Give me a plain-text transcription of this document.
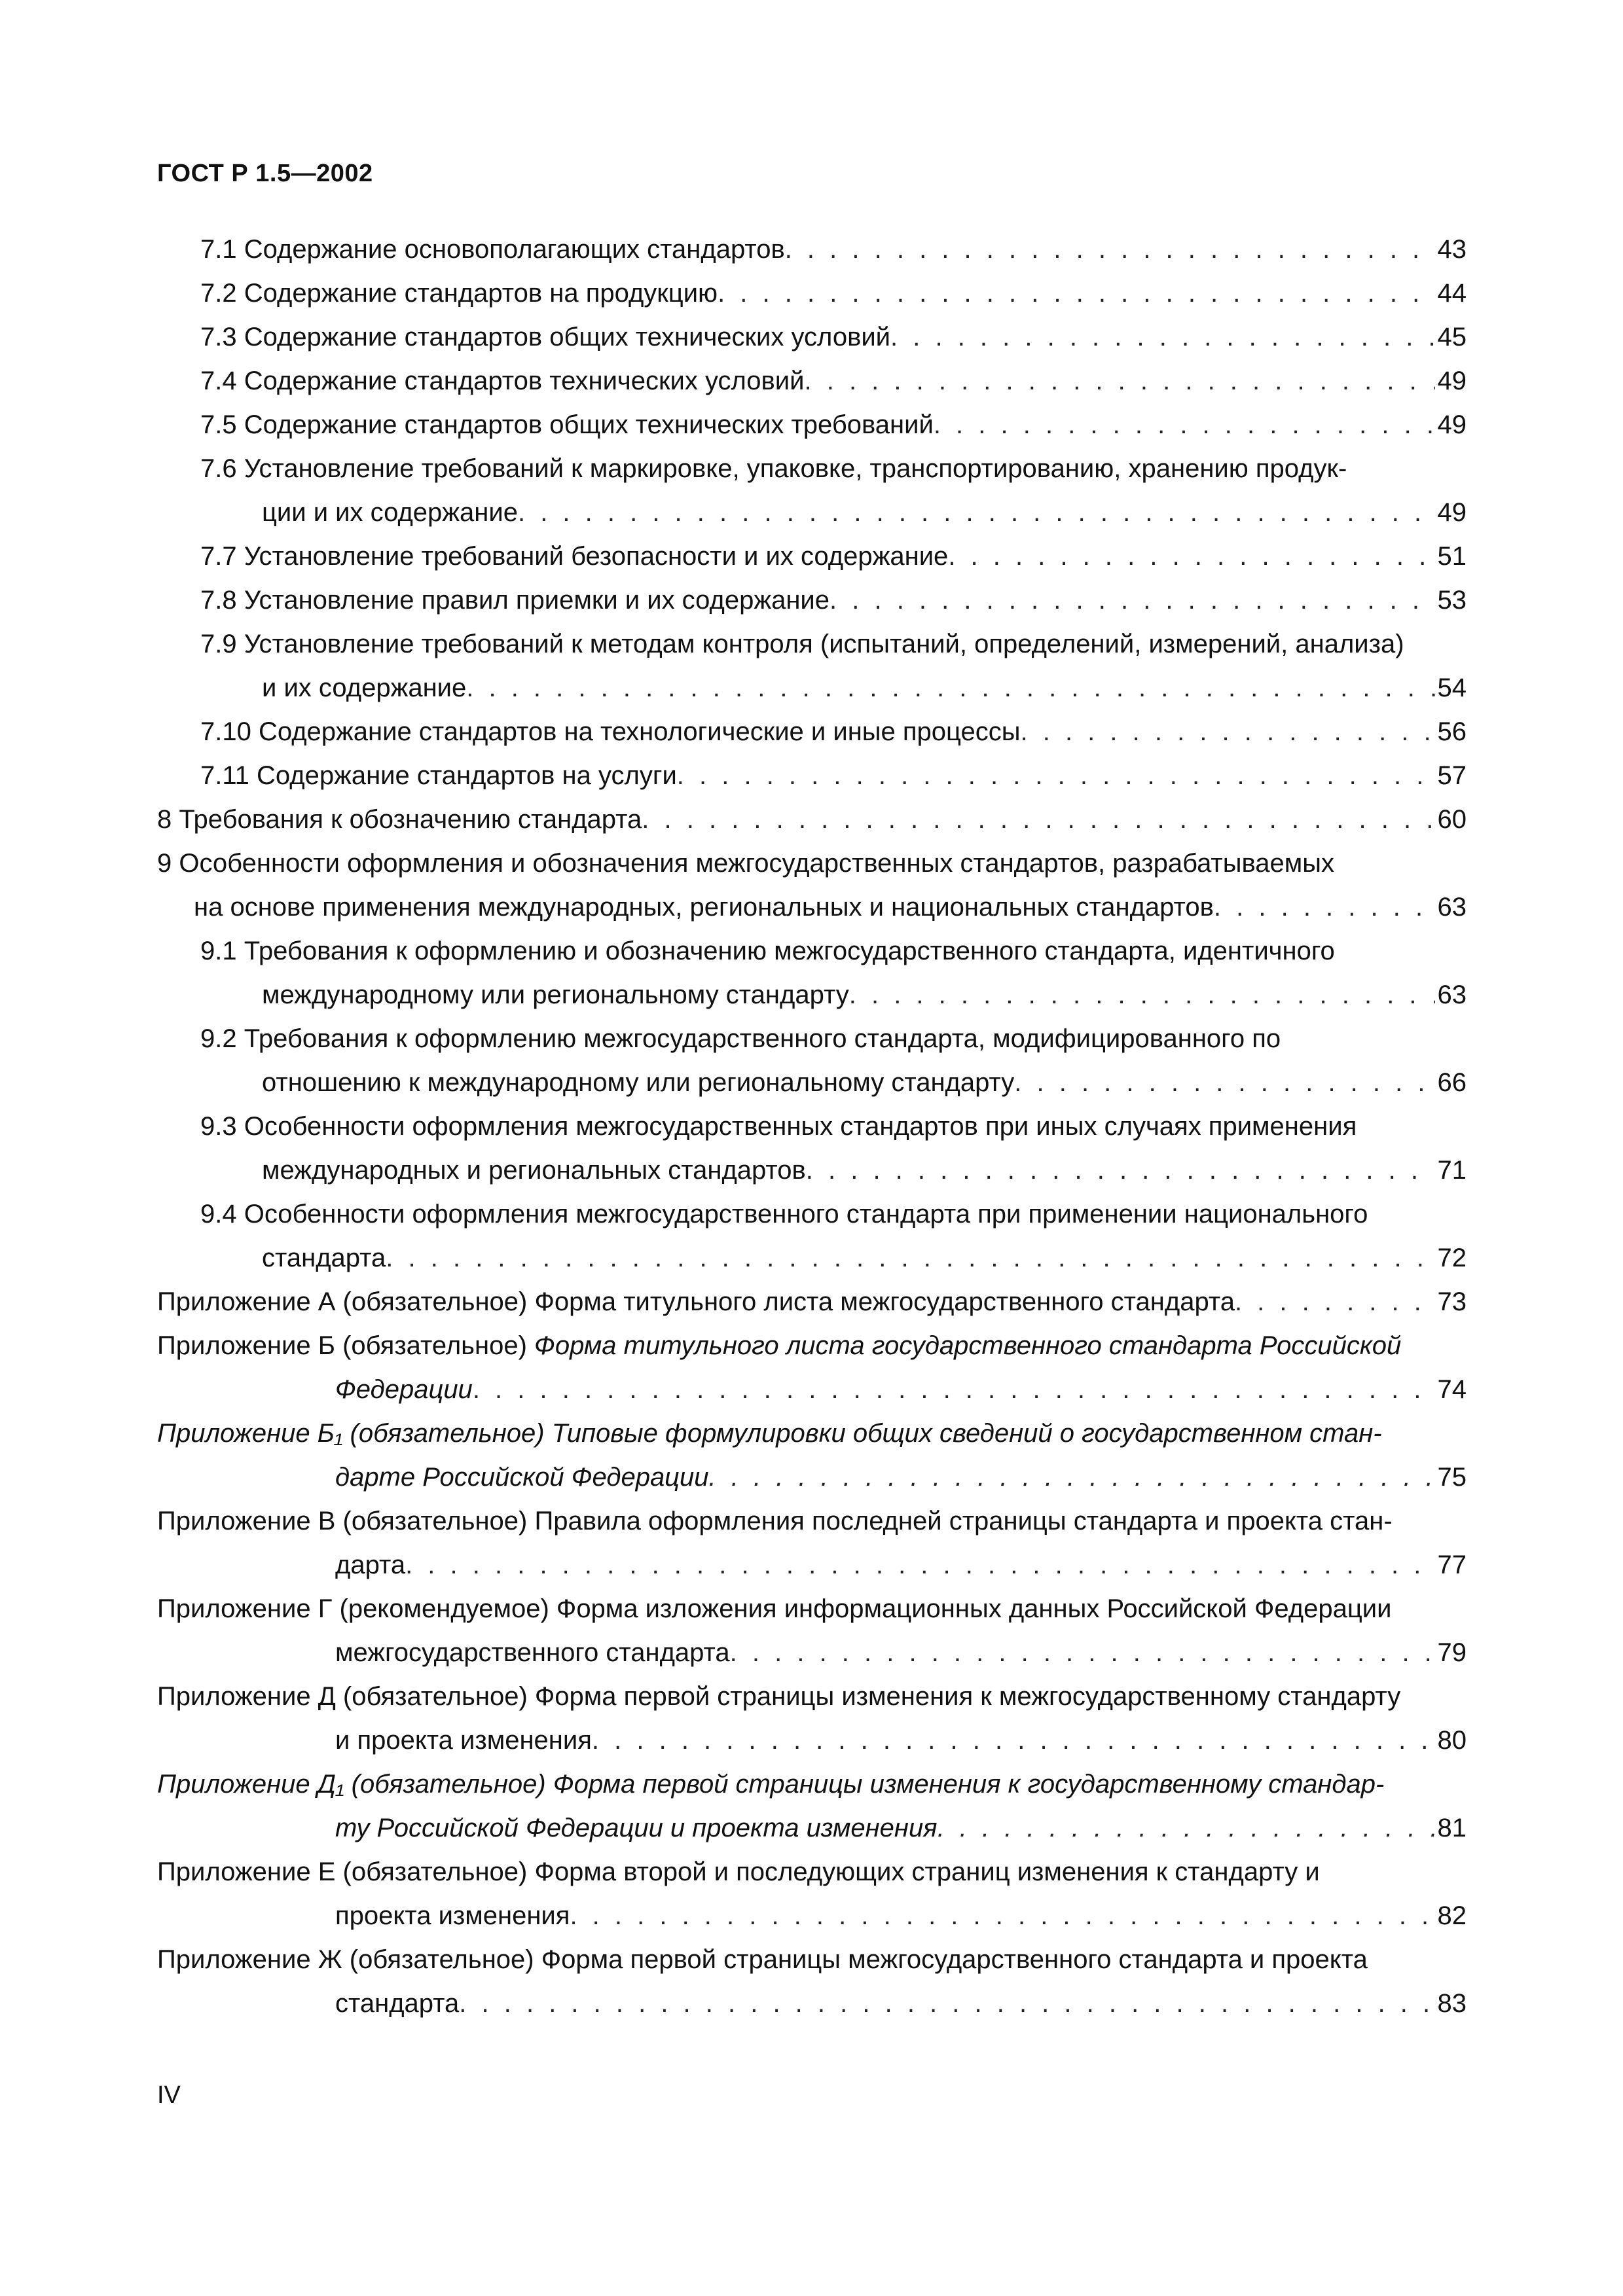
ГОСТ Р 1.5—2002
7.1 Содержание основополагающих стандартов . . .	43
7.2 Содержание стандартов на продукцию . . .	44
7.3 Содержание стандартов общих технических условий . . .	45
7.4 Содержание стандартов технических условий . . .	49
7.5 Содержание стандартов общих технических требований . . .	49
7.6 Установление требований к маркировке, упаковке, транспортированию, хранению продук-
ции и их содержание . . .	49
7.7 Установление требований безопасности и их содержание . . .	51
7.8 Установление правил приемки и их содержание . . .	53
7.9 Установление требований к методам контроля (испытаний, определений, измерений, анализа)
и их содержание . . .	54
7.10 Содержание стандартов на технологические и иные процессы . . .	56
7.11 Содержание стандартов на услуги . . .	57
8 Требования к обозначению стандарта . . .	60
9 Особенности оформления и обозначения межгосударственных стандартов, разрабатываемых
на основе применения международных, региональных и национальных стандартов . . .	63
9.1 Требования к оформлению и обозначению межгосударственного стандарта, идентичного
международному или региональному стандарту . . .	63
9.2 Требования к оформлению межгосударственного стандарта, модифицированного по
отношению к международному или региональному стандарту . . .	66
9.3 Особенности оформления межгосударственных стандартов при иных случаях применения
международных и региональных стандартов . . .	71
9.4 Особенности оформления межгосударственного стандарта при применении национального
стандарта . . .	72
Приложение А (обязательное) Форма титульного листа межгосударственного стандарта . . .	73
Приложение Б (обязательное) Форма титульного листа государственного стандарта Российской
Федерации . . .	74
Приложение Б₁ (обязательное) Типовые формулировки общих сведений о государственном стан-
дарте Российской Федерации . . .	75
Приложение В (обязательное) Правила оформления последней страницы стандарта и проекта стан-
дарта . . .	77
Приложение Г (рекомендуемое) Форма изложения информационных данных Российской Федерации
межгосударственного стандарта . . .	79
Приложение Д (обязательное) Форма первой страницы изменения к межгосударственному стандарту
и проекта изменения . . .	80
Приложение Д₁ (обязательное) Форма первой страницы изменения к государственному стандар-
ту Российской Федерации и проекта изменения . . .	81
Приложение Е (обязательное) Форма второй и последующих страниц изменения к стандарту и
проекта изменения . . .	82
Приложение Ж (обязательное) Форма первой страницы межгосударственного стандарта и проекта
стандарта . . .	83
IV
